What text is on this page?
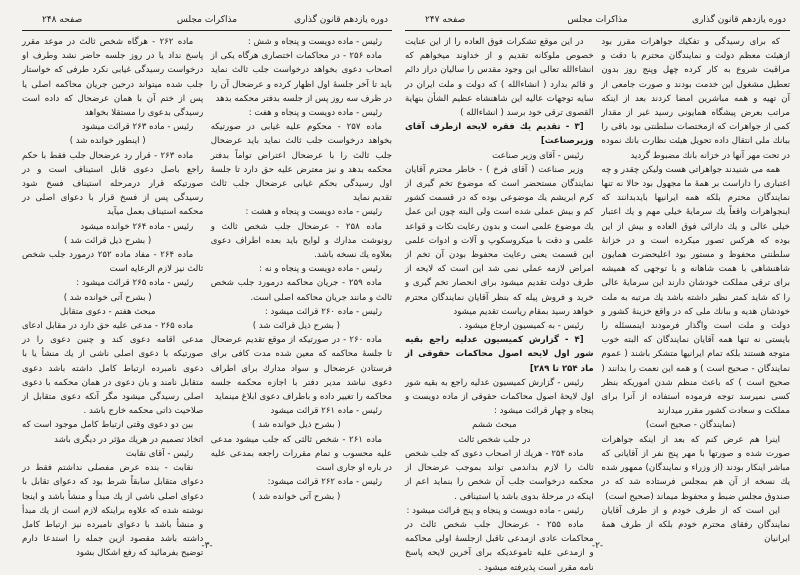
دوره یازدهم قانون گذاری
مذاکرات مجلس
صفحه ۲۴۸

رئیس - ماده دویست و پنجاه و شش :

ماده ۲۵۶ - در محاکمات اختصاری هرگاه یکی از اصحاب دعوی بخواهد درخواست جلب ثالث نماید باید تا آخر جلسهٔ اول اظهار کرده و عرضحال آن را در ظرف سه روز پس از جلسه بدفتر محکمه بدهد

رئیس - ماده دویست و پنجاه و هفت :

ماده ۲۵۷ - محکوم علیه غیابی در صورتیکه بخواهد درخواست جلب ثالث نماید باید عرضحال جلب ثالث را با عرضحال اعتراض تواماً بدفتر محکمه بدهد و نیز معترض علیه حق دارد تا جلسهٔ اول رسیدگی بحکم غیابی عرضحال جلب ثالث تقدیم نماید

رئیس - ماده دویست و پنجاه و هشت :

ماده ۲۵۸ - عرضحال جلب شخص ثالث و رونوشت مدارك و لوایح باید بعده اطراف دعوی بعلاوه یك نسخه باشد.

رئیس - ماده دویست و پنجاه و نه :

ماده ۲۵۹ - جریان محاکمه درمورد جلب شخص ثالث و مانند جریان محاکمه اصلی است.

رئیس - ماده ۲۶۰ قرائت میشود :

( بشرح ذیل قرائت شد )

ماده ۲۶۰ - در صورتیکه از موقع تقدیم عرضحال تا جلسهٔ محاکمه که معین شده مدت کافی برای فرستادن عرضحال و سواد مدارك برای اطراف دعوی نباشد مدیر دفتر با اجازه محکمه جلسه محاکمه را تغییر داده و باطراف دعوی ابلاغ مینماید

رئیس - ماده ۲۶۱ قرائت میشود

( بشرح ذیل خوانده شد )

ماده ۲۶۱ - شخص ثالثی که جلب میشود مدعی علیه محسوب و تمام مقررات راجعه بمدعی علیه در باره او جاری است

رئیس - ماده ۲۶۲ قرائت میشود:

( بشرح آتی خوانده شد )

ماده ۲۶۲ - هرگاه شخص ثالث در موعد مقرر پاسخ نداد یا در روز جلسه حاضر نشد وطرف او درخواست رسیدگی غیابی نکرد طرفی که خواستار جلب شده میتواند درحین جریان محاکمه اصلی یا پس از ختم آن با همان عرضحال که داده است رسیدگی بدعوی را مستقلا بخواهد

رئیس - ماده ۲۶۳ قرائت میشود

( اینطور خوانده شد )

ماده ۲۶۳ - قرار رد عرضحال جلب فقط با حکم راجع باصل دعوی قابل استیناف است و در صورتیکه قرار درمرحله استیناف فسخ شود رسیدگی پس از فسخ قرار با دعوای اصلی در محکمه استیناف بعمل میآید

رئیس - ماده ۲۶۴ خوانده میشود

( بشرح ذیل قرائت شد )

ماده ۲۶۴ - مفاد ماده ۲۵۲ درمورد جلب شخص ثالث نیز لازم الرعایه است

رئیس - ماده ۲۶۵ قرائت میشود :

( بشرح آتی خوانده شد )

مبحث هفتم - دعوی متقابل

ماده ۲۶۵ - مدعی علیه حق دارد در مقابل ادعای مدعی اقامه دعوی کند و چنین دعوی را در صورتیکه با دعوی اصلی ناشی از یك منشأ یا با دعوی نامبرده ارتباط کامل داشته باشد دعوی متقابل نامند و بان دعوی در همان محکمه با دعوی اصلی رسیدگی میشود مگر آنکه دعوی متقابل از صلاحیت ذاتی محکمه خارج باشد .

بین دو دعوی وقتی ارتباط کامل موجود است که اتخاذ تصمیم در هریك مؤثر در دیگری باشد

رئیس - آقای نقابت

نقابت - بنده عرض مفصلی نداشتم فقط در دعوای متقابل سابقاً شرط بود که دعوای تقابل با دعوای اصلی ناشی از یك مبدأ و منشأ باشد و اینجا نوشته شده که علاوه براینکه لازم است از یك مبدأ و منشأ باشد با دعوای نامبرده نیز ارتباط کامل داشته باشد مقصود ازین جمله را استدعا دارم توضیح بفرمائید که رفع اشکال بشود

-۳-
دوره یازدهم قانون گذاری
مذاکرات مجلس
صفحه ۲۴۷

که برای رسیدگی و تفکیك جواهرات مقرر بود ازهیئت معظم دولت و نمایندگان محترم با دقت و مراقبت شروع به کار کرده چهل وپنج روز بدون تعطیل مشغول این خدمت بودند و صورت جامعی از آن تهیه و همه مباشرین امضا کردند بعد از اینکه مراتب بعرض پیشگاه همایونی رسید غیر از مقدار کمی از جواهرات که ازمختصات سلطنتی بود باقی را ببانك ملی انتقال داده تحویل هیئت نظارت بانك نموده در تحت مهر آنها در خزانه بانك مضبوط گردید

همه می شنیدند جواهراتی هست ولیکن چقدر و چه اعتباری را داراست بر همهٔ ما مجهول بود حالا نه تنها نمایندگان محترم بلکه همه ایرانیها بایدبدانند که اینجواهرات واقعاً یك سرمایهٔ خیلی مهم و یك اعتبار خیلی عالی و یك دارائی فوق العاده و بیش از این بوده که هرکس تصور میکرده است و در خزانهٔ سلطنتی محفوظ و مستور بود اعلیحضرت همایون شاهنشاهی با همت شاهانه و با توجهی که همیشه برای ترقی مملکت خودشان دارند این سرمایهٔ عالی را که شاید کمتر نظیر داشته باشد یك مرتبه به ملت خودشان هدیه و ببانك ملی که در واقع خزینهٔ کشور و دولت و ملت است واگذار فرمودند اینمسئله را بایستی نه تنها همه آقایان نمایندگان که البته خوب متوجه هستند بلکه تمام ایرانیها متشکر باشند ( عموم نمایندگان - صحیح است ) و همه این نعمت را بدانند ( صحیح است ) که باعث منظم شدن اموریکه بنظر کسی نمیرسد توجه فرموده استفاده از آنرا برای مملکت و سعادت کشور مقرر میدارند

(نمایندگان - صحیح است)

اینرا هم عرض کنم که بعد از اینکه جواهرات صورت شده و صورتها با مهر پنج نفر از آقایانی که مباشر اینکار بودند (از وزراء و نمایندگان) ممهور شده یك نسخه از آن هم بمجلس فرستاده شد که در صندوق مجلس ضبط و محفوظ میماند (صحیح است)

این است که از طرف خودم و از طرف آقایان نمایندگان رفقای محترم خودم بلکه از طرف همهٔ ایرانیان

در این موقع تشکرات فوق العاده را از این عنایت خصوص ملوکانه تقدیم و از خداوند میخواهم که انشاءالله تعالی این وجود مقدس را سالیان دراز دائم و قائم بدارد ( انشاءالله ) که دولت و ملت ایران در سایه توجهات عالیه این شاهنشاه عظیم الشأن بنهایة القصوی ترقی خود برسد ( انشاءالله )

[۳ - تقدیم یك فقره لایحه ازطرف آقای وزیرصناعت]

رئیس - آقای وزیر صناعت

وزیر صناعت ( آقای فرخ ) - خاطر محترم آقایان نمایندگان مستحضر است که موضوع تخم گیری از کرم ابریشم یك موضوعی بوده که در قسمت کشور کم و بیش عملی شده است ولی البته چون این عمل یك موضوع علمی است و بدون رعایت نکات و قواعد علمی و دقت با میکروسکوپ و آلات و ادوات علمی این قسمت یعنی رعایت محفوظ بودن آن تخم از امراض لازمه عملی نمی شد این است که لایحه از طرف دولت تقدیم میشود برای انحصار تخم گیری و خرید و فروش پیله که بنظر آقایان نمایندگان محترم خواهد رسید بمقام ریاست تقدیم میشود

رئیس - به کمیسیون ارجاع میشود .

[۴ - گزارش کمیسیون عدلیه راجع بقیه شور اول لایحه اصول محاکمات حقوقی از ماد ۲۵۴ تا ۲۸۹]

رئیس - گزارش کمیسیون عدلیه راجع به بقیه شور اول لایحهٔ اصول محاکمات حقوقی از ماده دویست و پنجاه و چهار قرائت میشود :

مبحث ششم

در جلب شخص ثالث

ماده ۲۵۴ - هریك از اصحاب دعوی که جلب شخص ثالث را لازم بداندمی تواند بموجب عرضحال از محکمه درخواست جلب آن شخص را بنماید اعم از اینکه در مرحلهٔ بدوی باشد یا استینافی .

رئیس - ماده دویست و پنجاه و پنج قرائت میشود :

ماده ۲۵۵ - عرضحال جلب شخص ثالث در محاکمات عادی ازمدعی تاقبل ازجلسهٔ اولی محاکمه و ازمدعی علیه تاموعدیکه برای آخرین لایحه پاسخ نامه مقرر است پذیرفته میشود .

-۲-
